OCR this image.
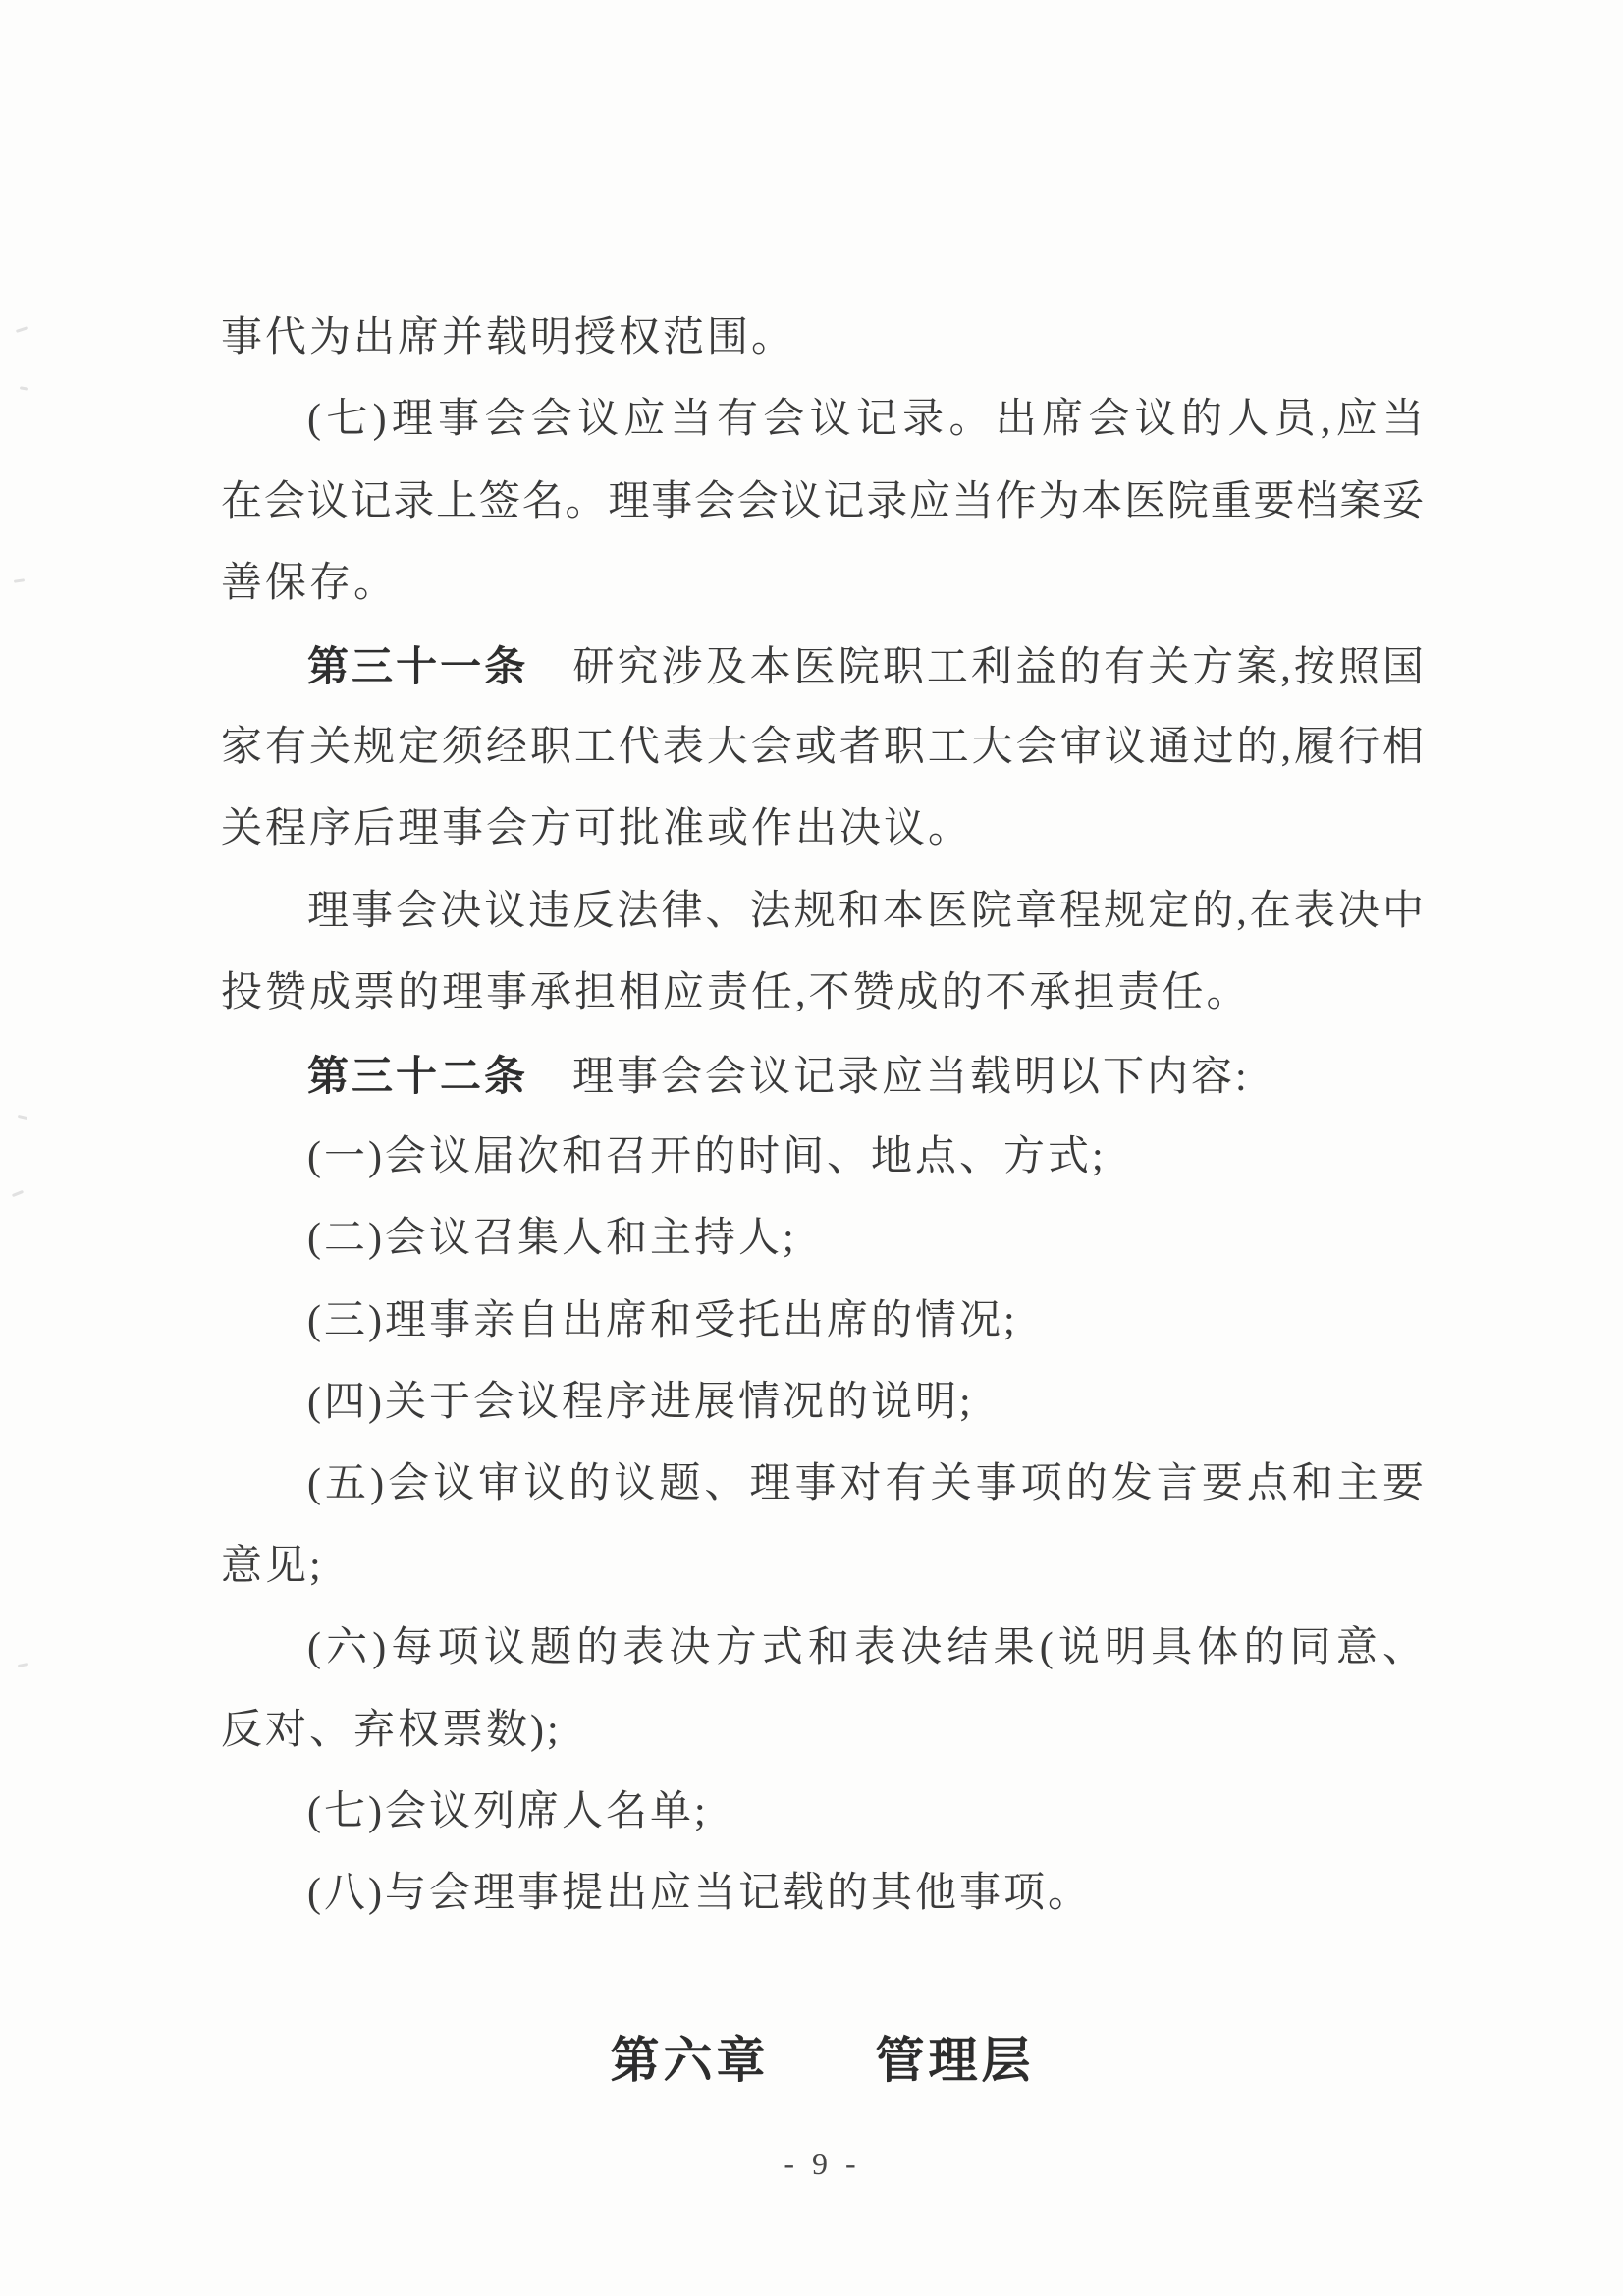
事代为出席并载明授权范围。
(七)理事会会议应当有会议记录。出席会议的人员,应当
在会议记录上签名。理事会会议记录应当作为本医院重要档案妥
善保存。
第三十一条　研究涉及本医院职工利益的有关方案,按照国
家有关规定须经职工代表大会或者职工大会审议通过的,履行相
关程序后理事会方可批准或作出决议。
理事会决议违反法律、法规和本医院章程规定的,在表决中
投赞成票的理事承担相应责任,不赞成的不承担责任。
第三十二条　理事会会议记录应当载明以下内容:
(一)会议届次和召开的时间、地点、方式;
(二)会议召集人和主持人;
(三)理事亲自出席和受托出席的情况;
(四)关于会议程序进展情况的说明;
(五)会议审议的议题、理事对有关事项的发言要点和主要
意见;
(六)每项议题的表决方式和表决结果(说明具体的同意、
反对、弃权票数);
(七)会议列席人名单;
(八)与会理事提出应当记载的其他事项。
第六章　　管理层
- 9 -
